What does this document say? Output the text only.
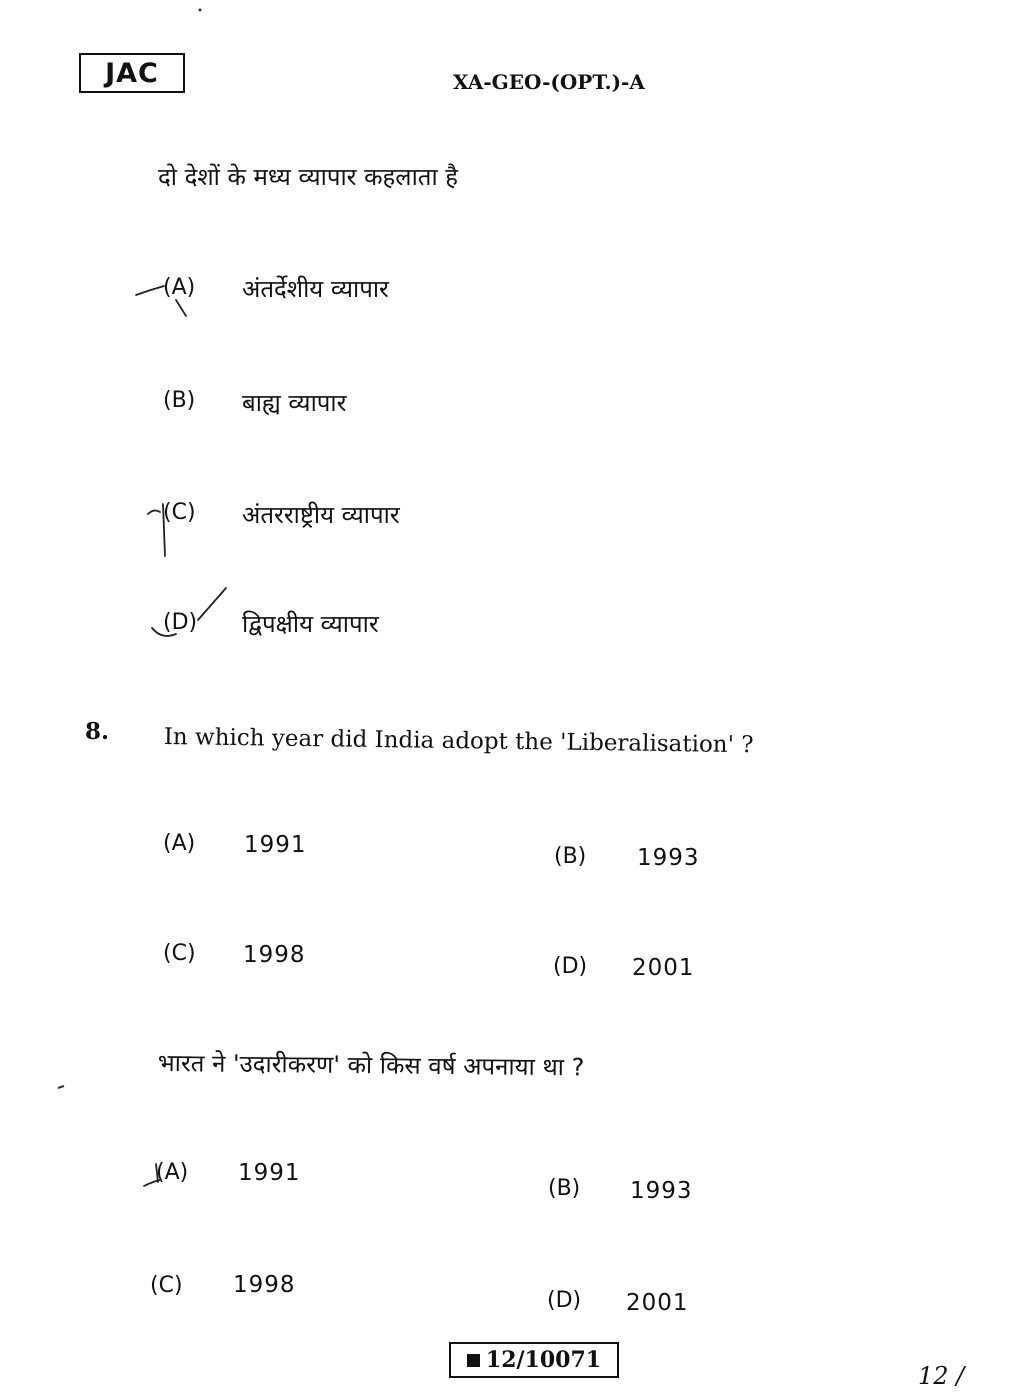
JAC	XA-GEO-(OPT.)-A
दो देशों के मध्य व्यापार कहलाता है
(A) अंतर्देशीय व्यापार
(B) बाह्य व्यापार
(C) अंतरराष्ट्रीय व्यापार
(D) द्विपक्षीय व्यापार
8. In which year did India adopt the 'Liberalisation' ?
(A) 1991	(B) 1993
(C) 1998	(D) 2001
भारत ने 'उदारीकरण' को किस वर्ष अपनाया था ?
(A) 1991
(B) 1993
(C) 1998
(D) 2001
12/10071
12 /
